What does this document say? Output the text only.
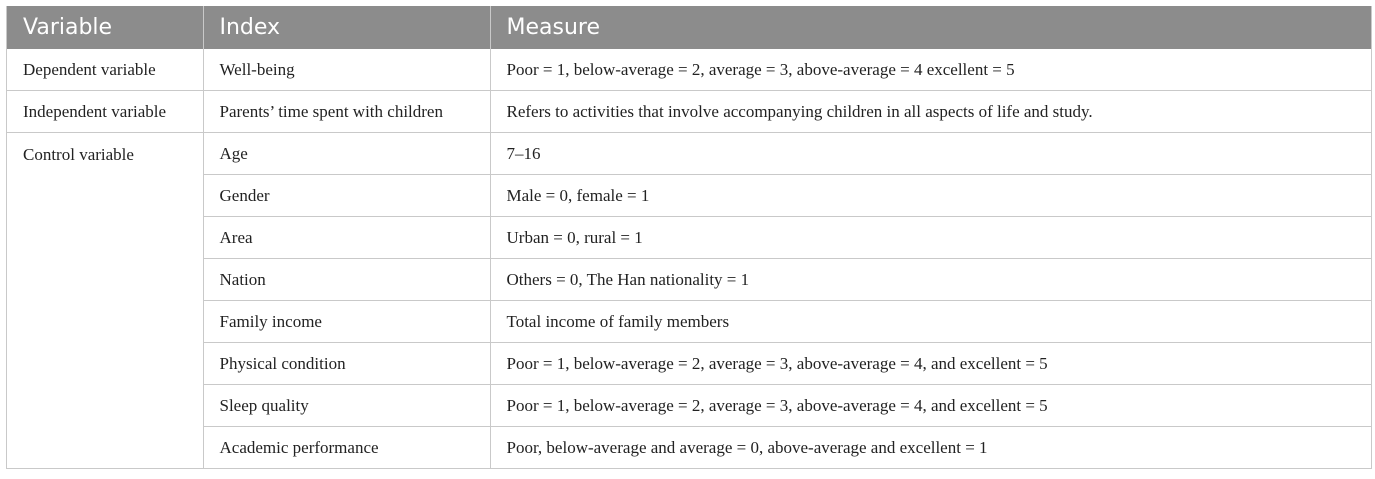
Variable	Index	Measure
Dependent variable	Well-being	Poor = 1, below-average = 2, average = 3, above-average = 4 excellent = 5
Independent variable	Parents’ time spent with children	Refers to activities that involve accompanying children in all aspects of life and study.
Control variable	Age	7–16
	Gender	Male = 0, female = 1
	Area	Urban = 0, rural = 1
	Nation	Others = 0, The Han nationality = 1
	Family income	Total income of family members
	Physical condition	Poor = 1, below-average = 2, average = 3, above-average = 4, and excellent = 5
	Sleep quality	Poor = 1, below-average = 2, average = 3, above-average = 4, and excellent = 5
	Academic performance	Poor, below-average and average = 0, above-average and excellent = 1
